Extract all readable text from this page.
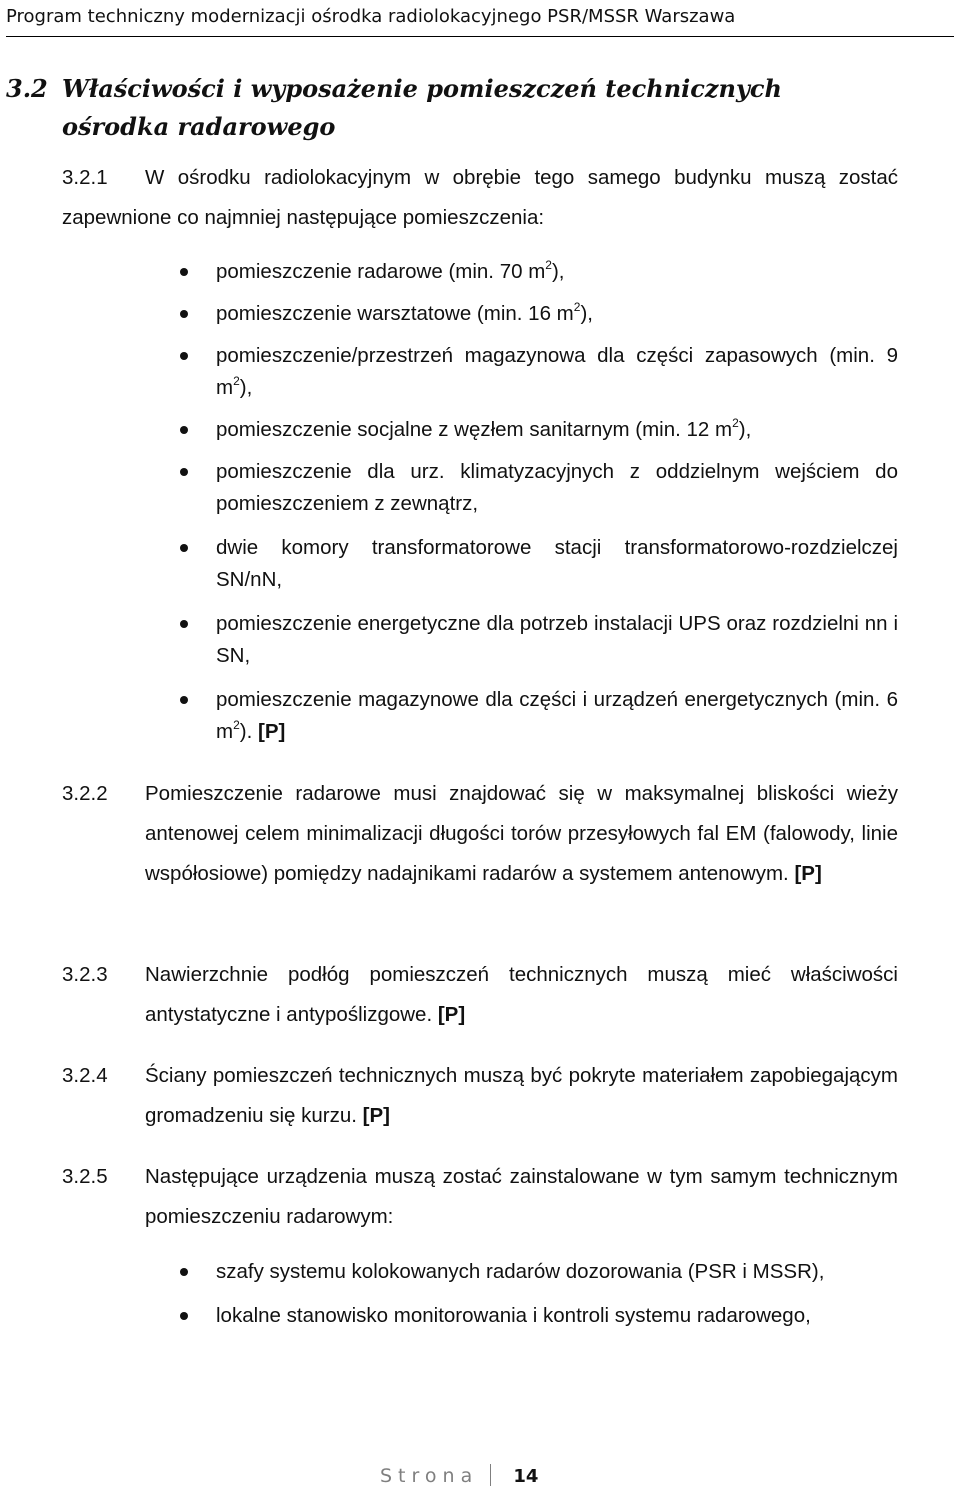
Program techniczny modernizacji ośrodka radiolokacyjnego PSR/MSSR Warszawa
3.2 Właściwości i wyposażenie pomieszczeń technicznych ośrodka radarowego
3.2.1	W ośrodku radiolokacyjnym w obrębie tego samego budynku muszą zostać zapewnione co najmniej następujące pomieszczenia:
pomieszczenie radarowe (min. 70 $m^2$),
pomieszczenie warsztatowe (min. 16 $m^2$),
pomieszczenie/przestrzeń magazynowa dla części zapasowych (min. 9 $m^2$),
pomieszczenie socjalne z węzłem sanitarnym (min. 12 $m^2$),
pomieszczenie dla urz. klimatyzacyjnych z oddzielnym wejściem do pomieszczeniem z zewnątrz,
dwie komory transformatorowe stacji transformatorowo-rozdzielczej SN/nN,
pomieszczenie energetyczne dla potrzeb instalacji UPS oraz rozdzielni nn i SN,
pomieszczenie magazynowe dla części i urządzeń energetycznych (min. 6 $m^2$). [P]
3.2.2	Pomieszczenie radarowe musi znajdować się w maksymalnej bliskości wieży antenowej celem minimalizacji długości torów przesyłowych fal EM (falowody, linie współosiowe) pomiędzy nadajnikami radarów a systemem antenowym. [P]
3.2.3	Nawierzchnie podłóg pomieszczeń technicznych muszą mieć właściwości antystatyczne i antypoślizgowe. [P]
3.2.4	Ściany pomieszczeń technicznych muszą być pokryte materiałem zapobiegającym gromadzeniu się kurzu. [P]
3.2.5	Następujące urządzenia muszą zostać zainstalowane w tym samym technicznym pomieszczeniu radarowym:
szafy systemu kolokowanych radarów dozorowania (PSR i MSSR),
lokalne stanowisko monitorowania i kontroli systemu radarowego,
Strona 14
